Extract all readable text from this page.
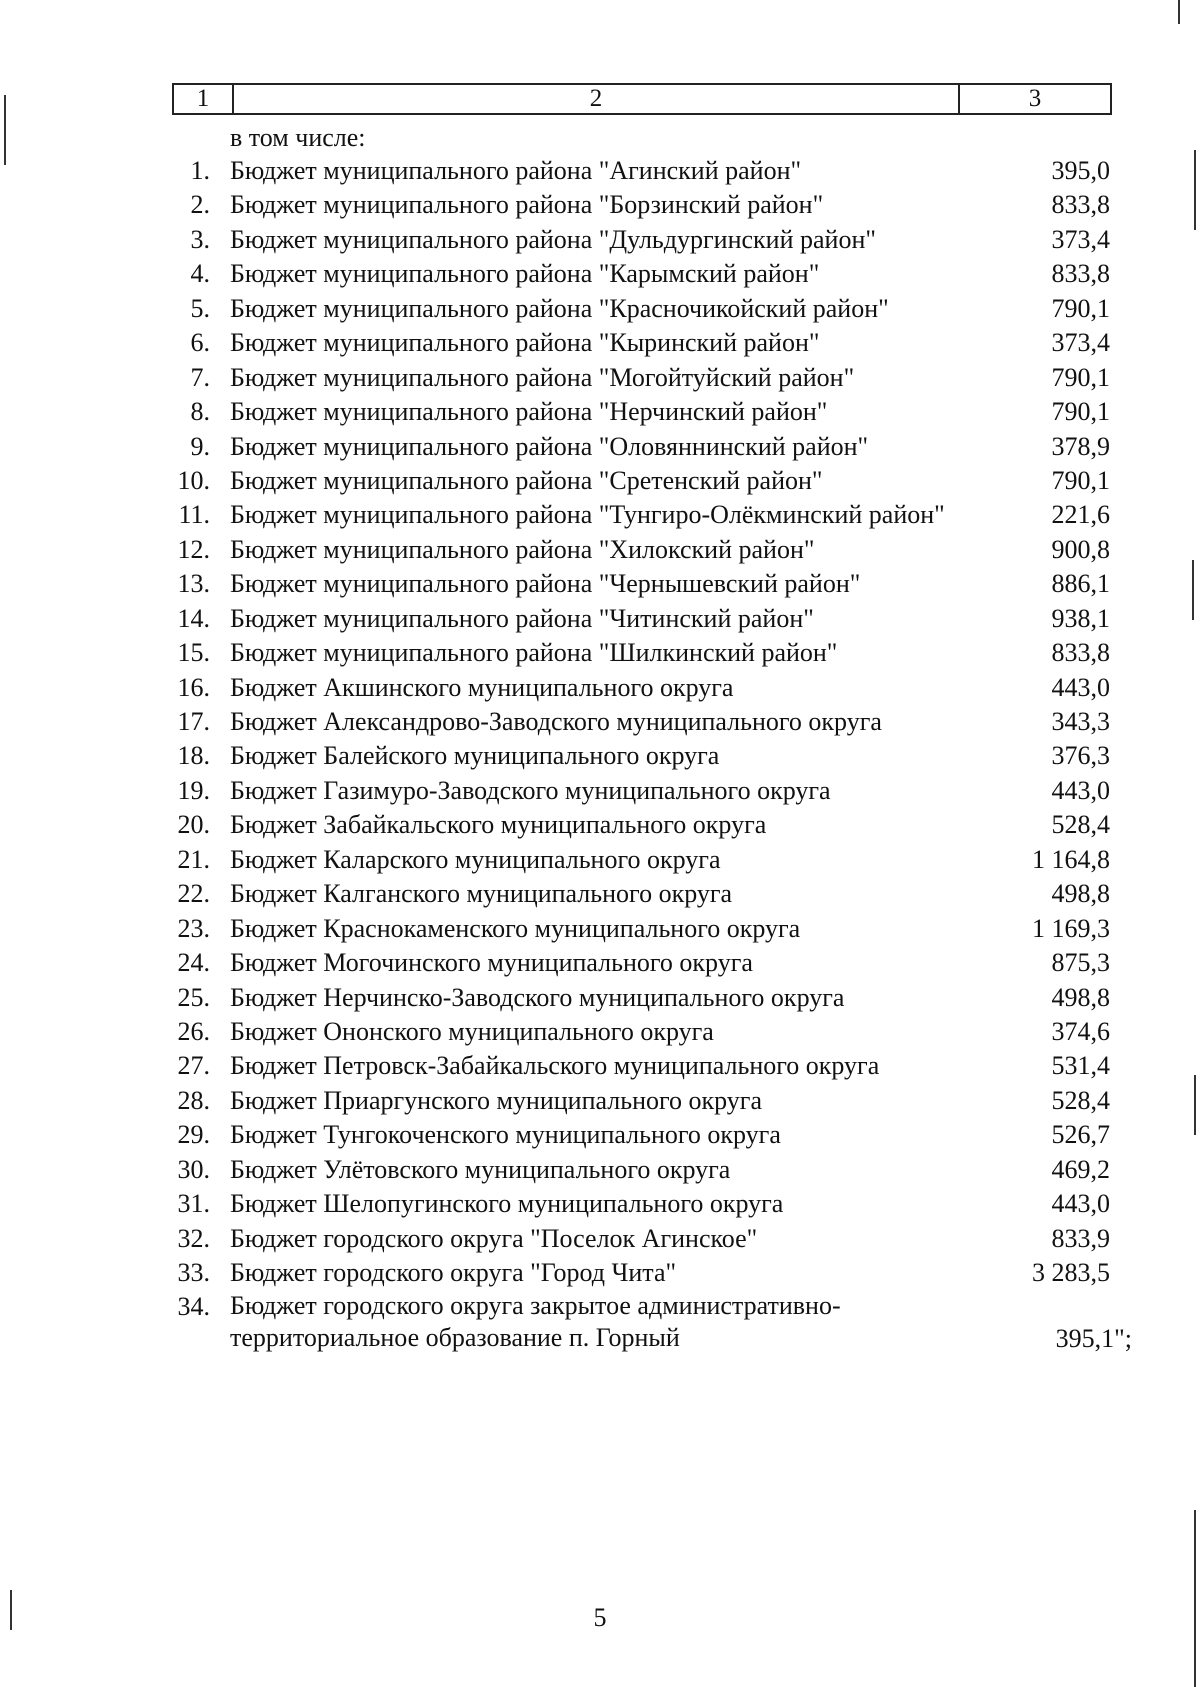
1	2	3
в том числе:
1. Бюджет муниципального района "Агинский район"	395,0
2. Бюджет муниципального района "Борзинский район"	833,8
3. Бюджет муниципального района "Дульдургинский район"	373,4
4. Бюджет муниципального района "Карымский район"	833,8
5. Бюджет муниципального района "Красночикойский район"	790,1
6. Бюджет муниципального района "Кыринский район"	373,4
7. Бюджет муниципального района "Могойтуйский район"	790,1
8. Бюджет муниципального района "Нерчинский район"	790,1
9. Бюджет муниципального района "Оловяннинский район"	378,9
10. Бюджет муниципального района "Сретенский район"	790,1
11. Бюджет муниципального района "Тунгиро-Олёкминский район"	221,6
12. Бюджет муниципального района "Хилокский район"	900,8
13. Бюджет муниципального района "Чернышевский район"	886,1
14. Бюджет муниципального района "Читинский район"	938,1
15. Бюджет муниципального района "Шилкинский район"	833,8
16. Бюджет Акшинского муниципального округа	443,0
17. Бюджет Александрово-Заводского муниципального округа	343,3
18. Бюджет Балейского муниципального округа	376,3
19. Бюджет Газимуро-Заводского муниципального округа	443,0
20. Бюджет Забайкальского муниципального округа	528,4
21. Бюджет Каларского муниципального округа	1 164,8
22. Бюджет Калганского муниципального округа	498,8
23. Бюджет Краснокаменского муниципального округа	1 169,3
24. Бюджет Могочинского муниципального округа	875,3
25. Бюджет Нерчинско-Заводского муниципального округа	498,8
26. Бюджет Ононского муниципального округа	374,6
27. Бюджет Петровск-Забайкальского муниципального округа	531,4
28. Бюджет Приаргунского муниципального округа	528,4
29. Бюджет Тунгокоченского муниципального округа	526,7
30. Бюджет Улётовского муниципального округа	469,2
31. Бюджет Шелопугинского муниципального округа	443,0
32. Бюджет городского округа "Поселок Агинское"	833,9
33. Бюджет городского округа "Город Чита"	3 283,5
34. Бюджет городского округа закрытое административно-территориальное образование п. Горный	395,1";
5
